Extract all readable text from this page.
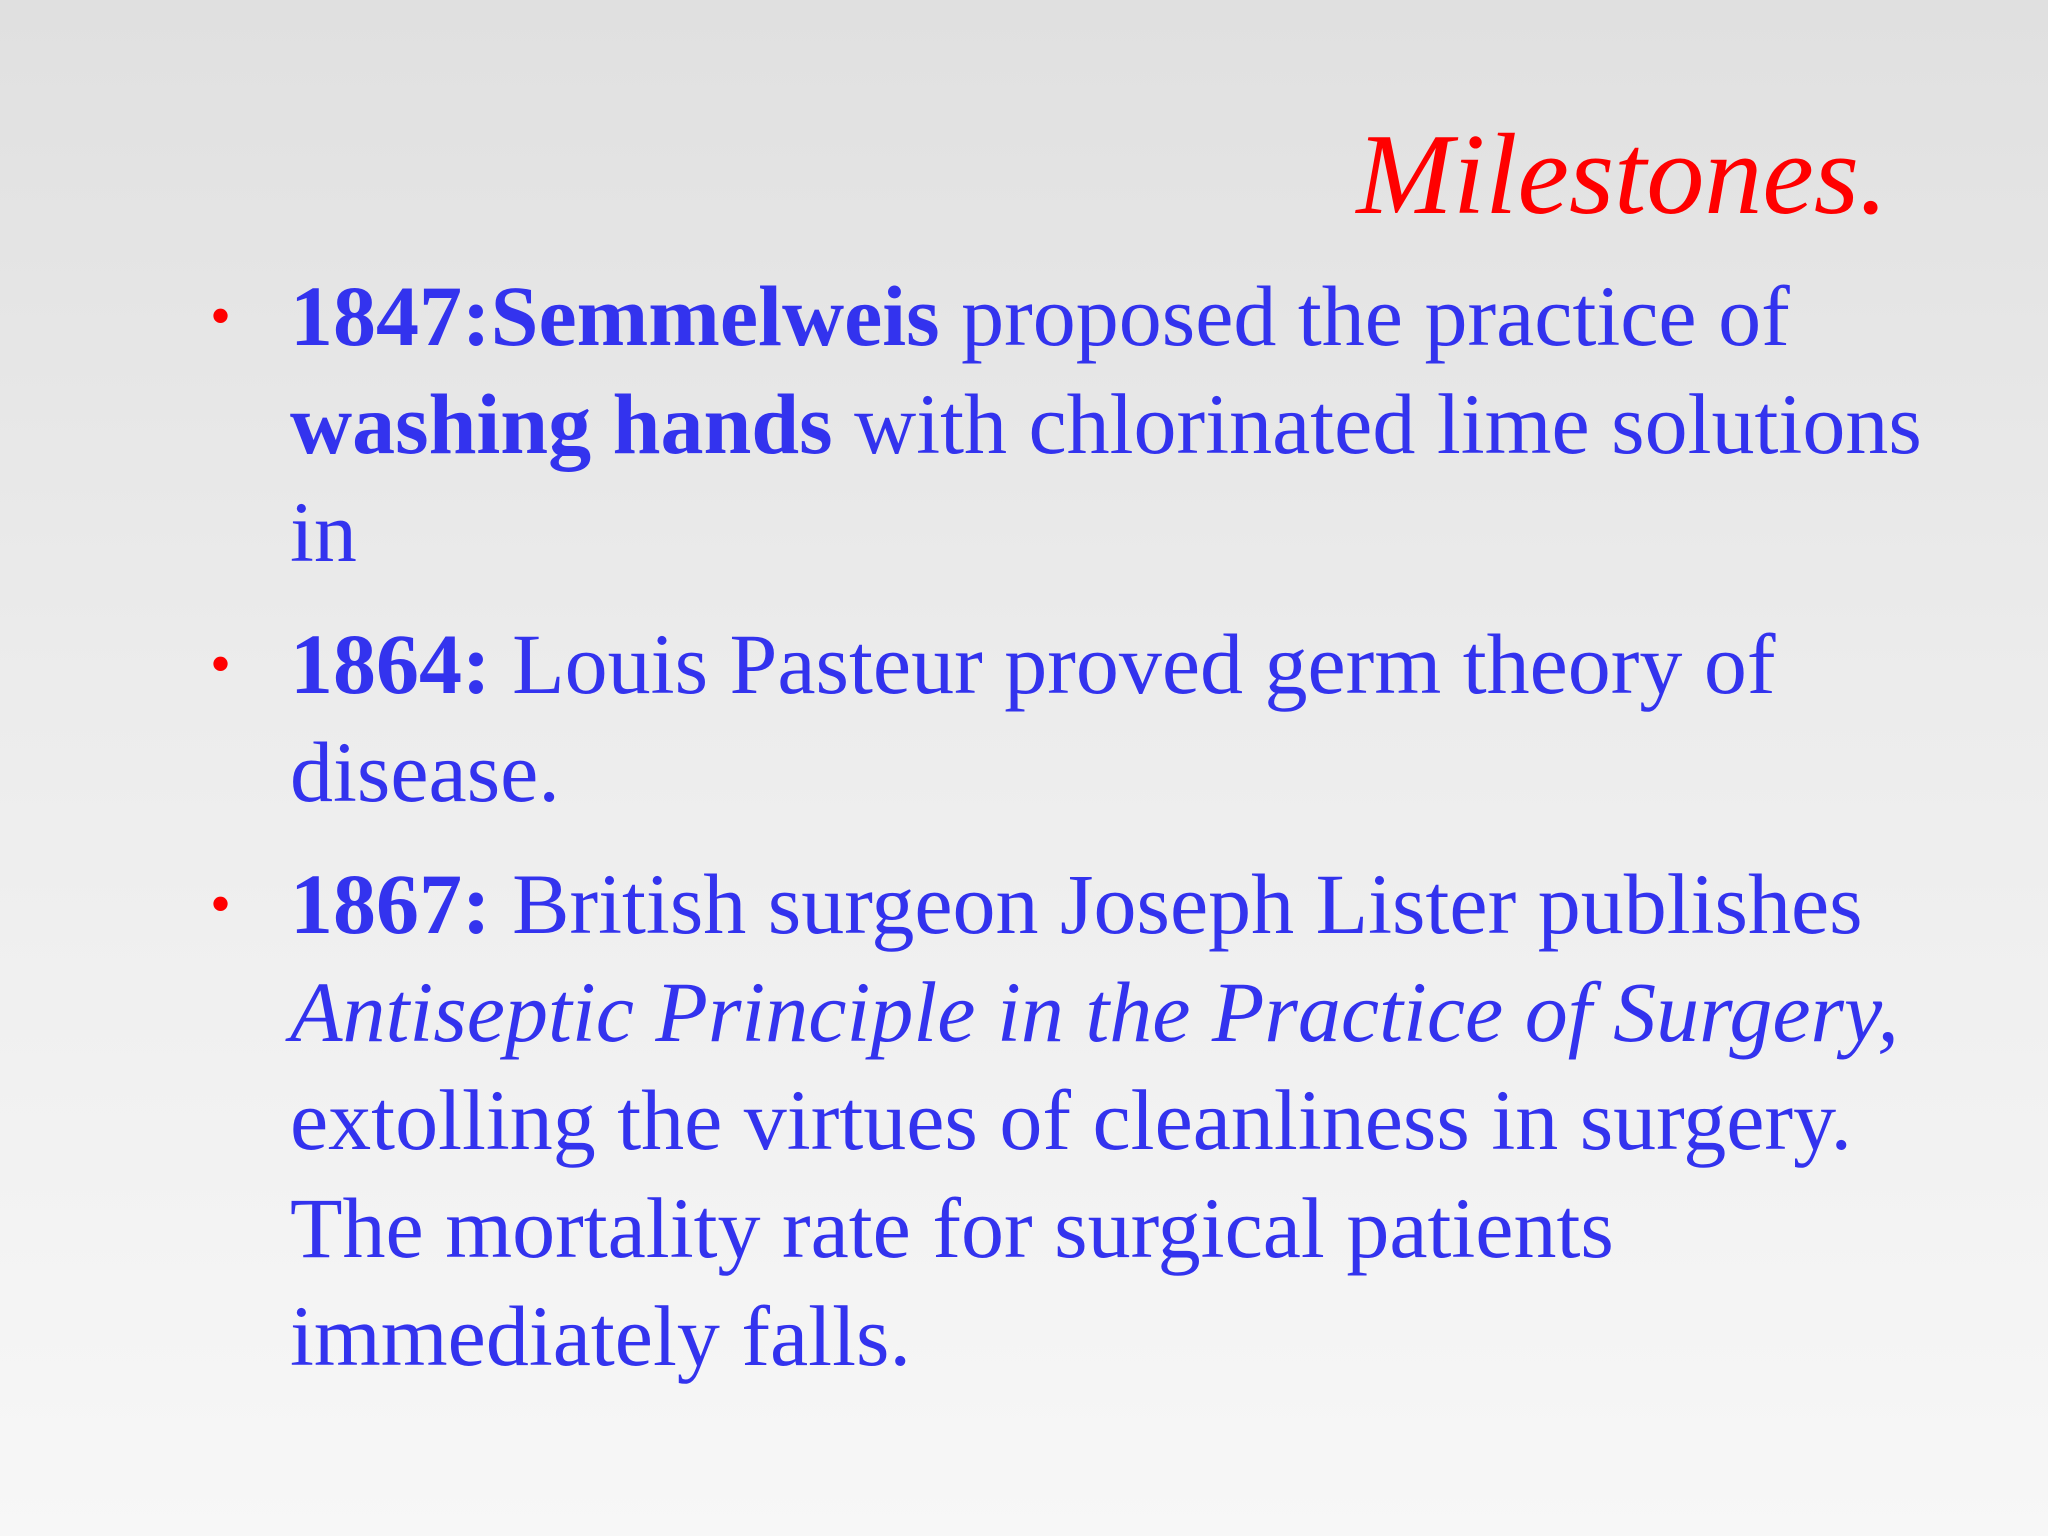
Milestones.
• 1847:Semmelweis proposed the practice of washing hands with chlorinated lime solutions in
• 1864: Louis Pasteur proved germ theory of disease.
• 1867: British surgeon Joseph Lister publishes Antiseptic Principle in the Practice of Surgery, extolling the virtues of cleanliness in surgery. The mortality rate for surgical patients immediately falls.
